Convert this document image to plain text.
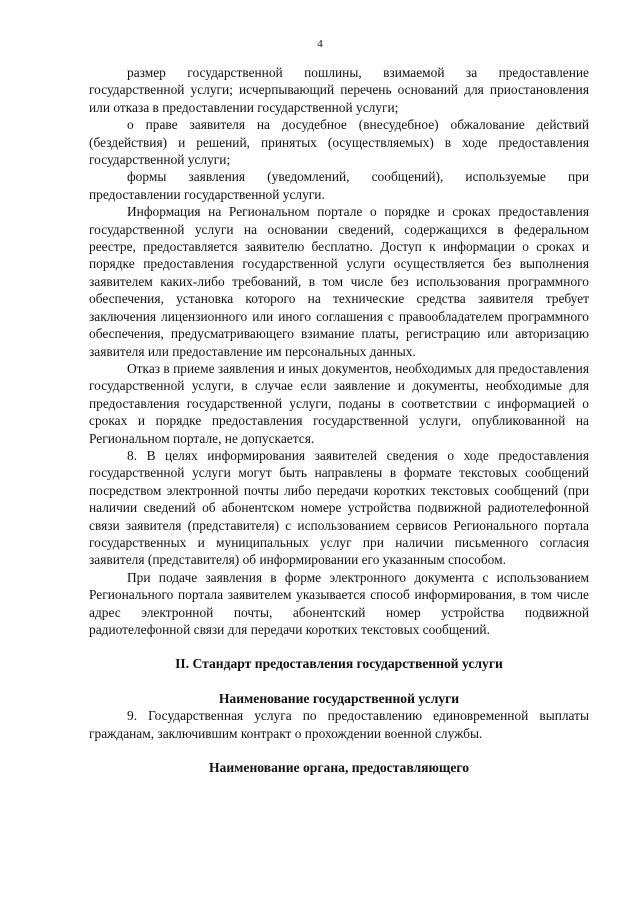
4

размер государственной пошлины, взимаемой за предоставление государственной услуги; исчерпывающий перечень оснований для приостановления или отказа в предоставлении государственной услуги;

о праве заявителя на досудебное (внесудебное) обжалование действий (бездействия) и решений, принятых (осуществляемых) в ходе предоставления государственной услуги;

формы заявления (уведомлений, сообщений), используемые при предоставлении государственной услуги.

Информация на Региональном портале о порядке и сроках предоставления государственной услуги на основании сведений, содержащихся в федеральном реестре, предоставляется заявителю бесплатно. Доступ к информации о сроках и порядке предоставления государственной услуги осуществляется без выполнения заявителем каких-либо требований, в том числе без использования программного обеспечения, установка которого на технические средства заявителя требует заключения лицензионного или иного соглашения с правообладателем программного обеспечения, предусматривающего взимание платы, регистрацию или авторизацию заявителя или предоставление им персональных данных.

Отказ в приеме заявления и иных документов, необходимых для предоставления государственной услуги, в случае если заявление и документы, необходимые для предоставления государственной услуги, поданы в соответствии с информацией о сроках и порядке предоставления государственной услуги, опубликованной на Региональном портале, не допускается.

8. В целях информирования заявителей сведения о ходе предоставления государственной услуги могут быть направлены в формате текстовых сообщений посредством электронной почты либо передачи коротких текстовых сообщений (при наличии сведений об абонентском номере устройства подвижной радиотелефонной связи заявителя (представителя) с использованием сервисов Регионального портала государственных и муниципальных услуг при наличии письменного согласия заявителя (представителя) об информировании его указанным способом.

При подаче заявления в форме электронного документа с использованием Регионального портала заявителем указывается способ информирования, в том числе адрес электронной почты, абонентский номер устройства подвижной радиотелефонной связи для передачи коротких текстовых сообщений.

II. Стандарт предоставления государственной услуги

Наименование государственной услуги

9. Государственная услуга по предоставлению единовременной выплаты гражданам, заключившим контракт о прохождении военной службы.

Наименование органа, предоставляющего
